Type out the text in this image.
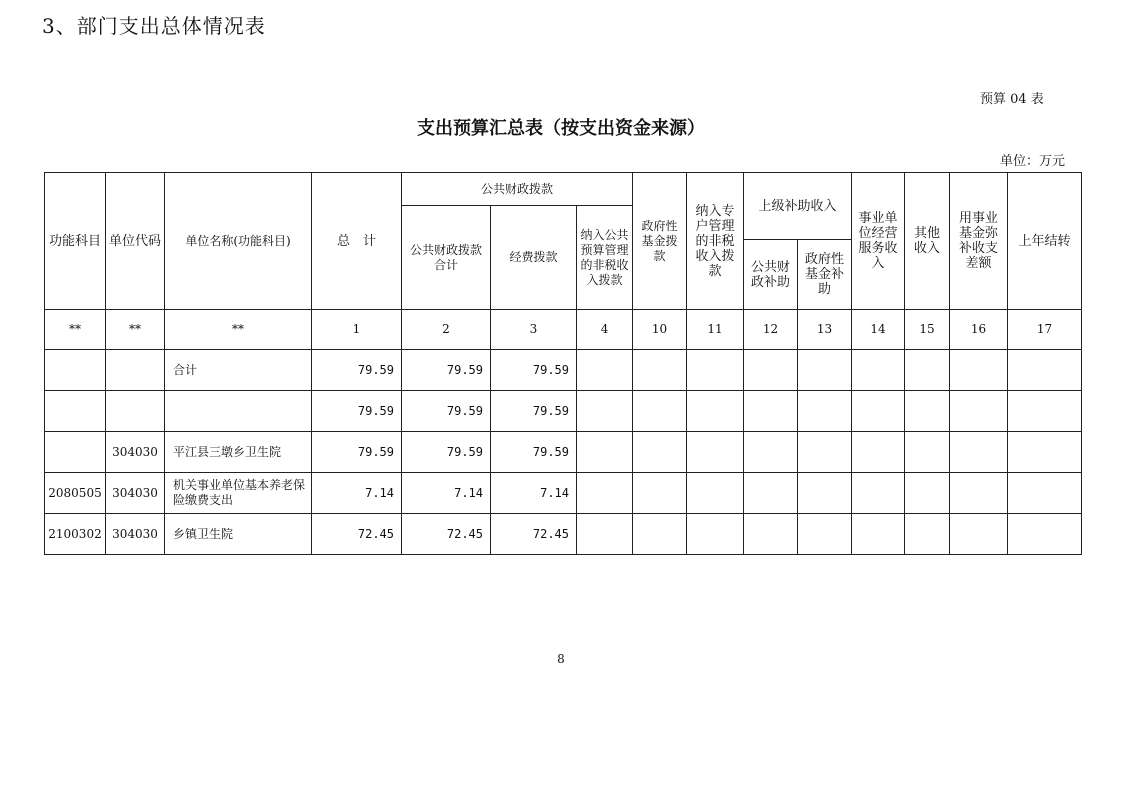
3、部门支出总体情况表
预算 04 表
支出预算汇总表（按支出资金来源）
单位：万元
功能科目	单位代码	单位名称(功能科目)	总　计	公共财政拨款			政府性基金拨款	纳入专户管理的非税收入拨款	上级补助收入		事业单位经营服务收入	其他收入	用事业基金弥补收支差额	上年结转
				公共财政拨款合计	经费拨款	纳入公共预算管理的非税收入拨款								
									公共财政补助	政府性基金补助				
**	**	**	1	2	3	4	10	11	12	13	14	15	16	17
		合计	79.59	79.59	79.59									
			79.59	79.59	79.59									
	304030	平江县三墩乡卫生院	79.59	79.59	79.59									
2080505	304030	机关事业单位基本养老保险缴费支出	7.14	7.14	7.14									
2100302	304030	乡镇卫生院	72.45	72.45	72.45									
8
